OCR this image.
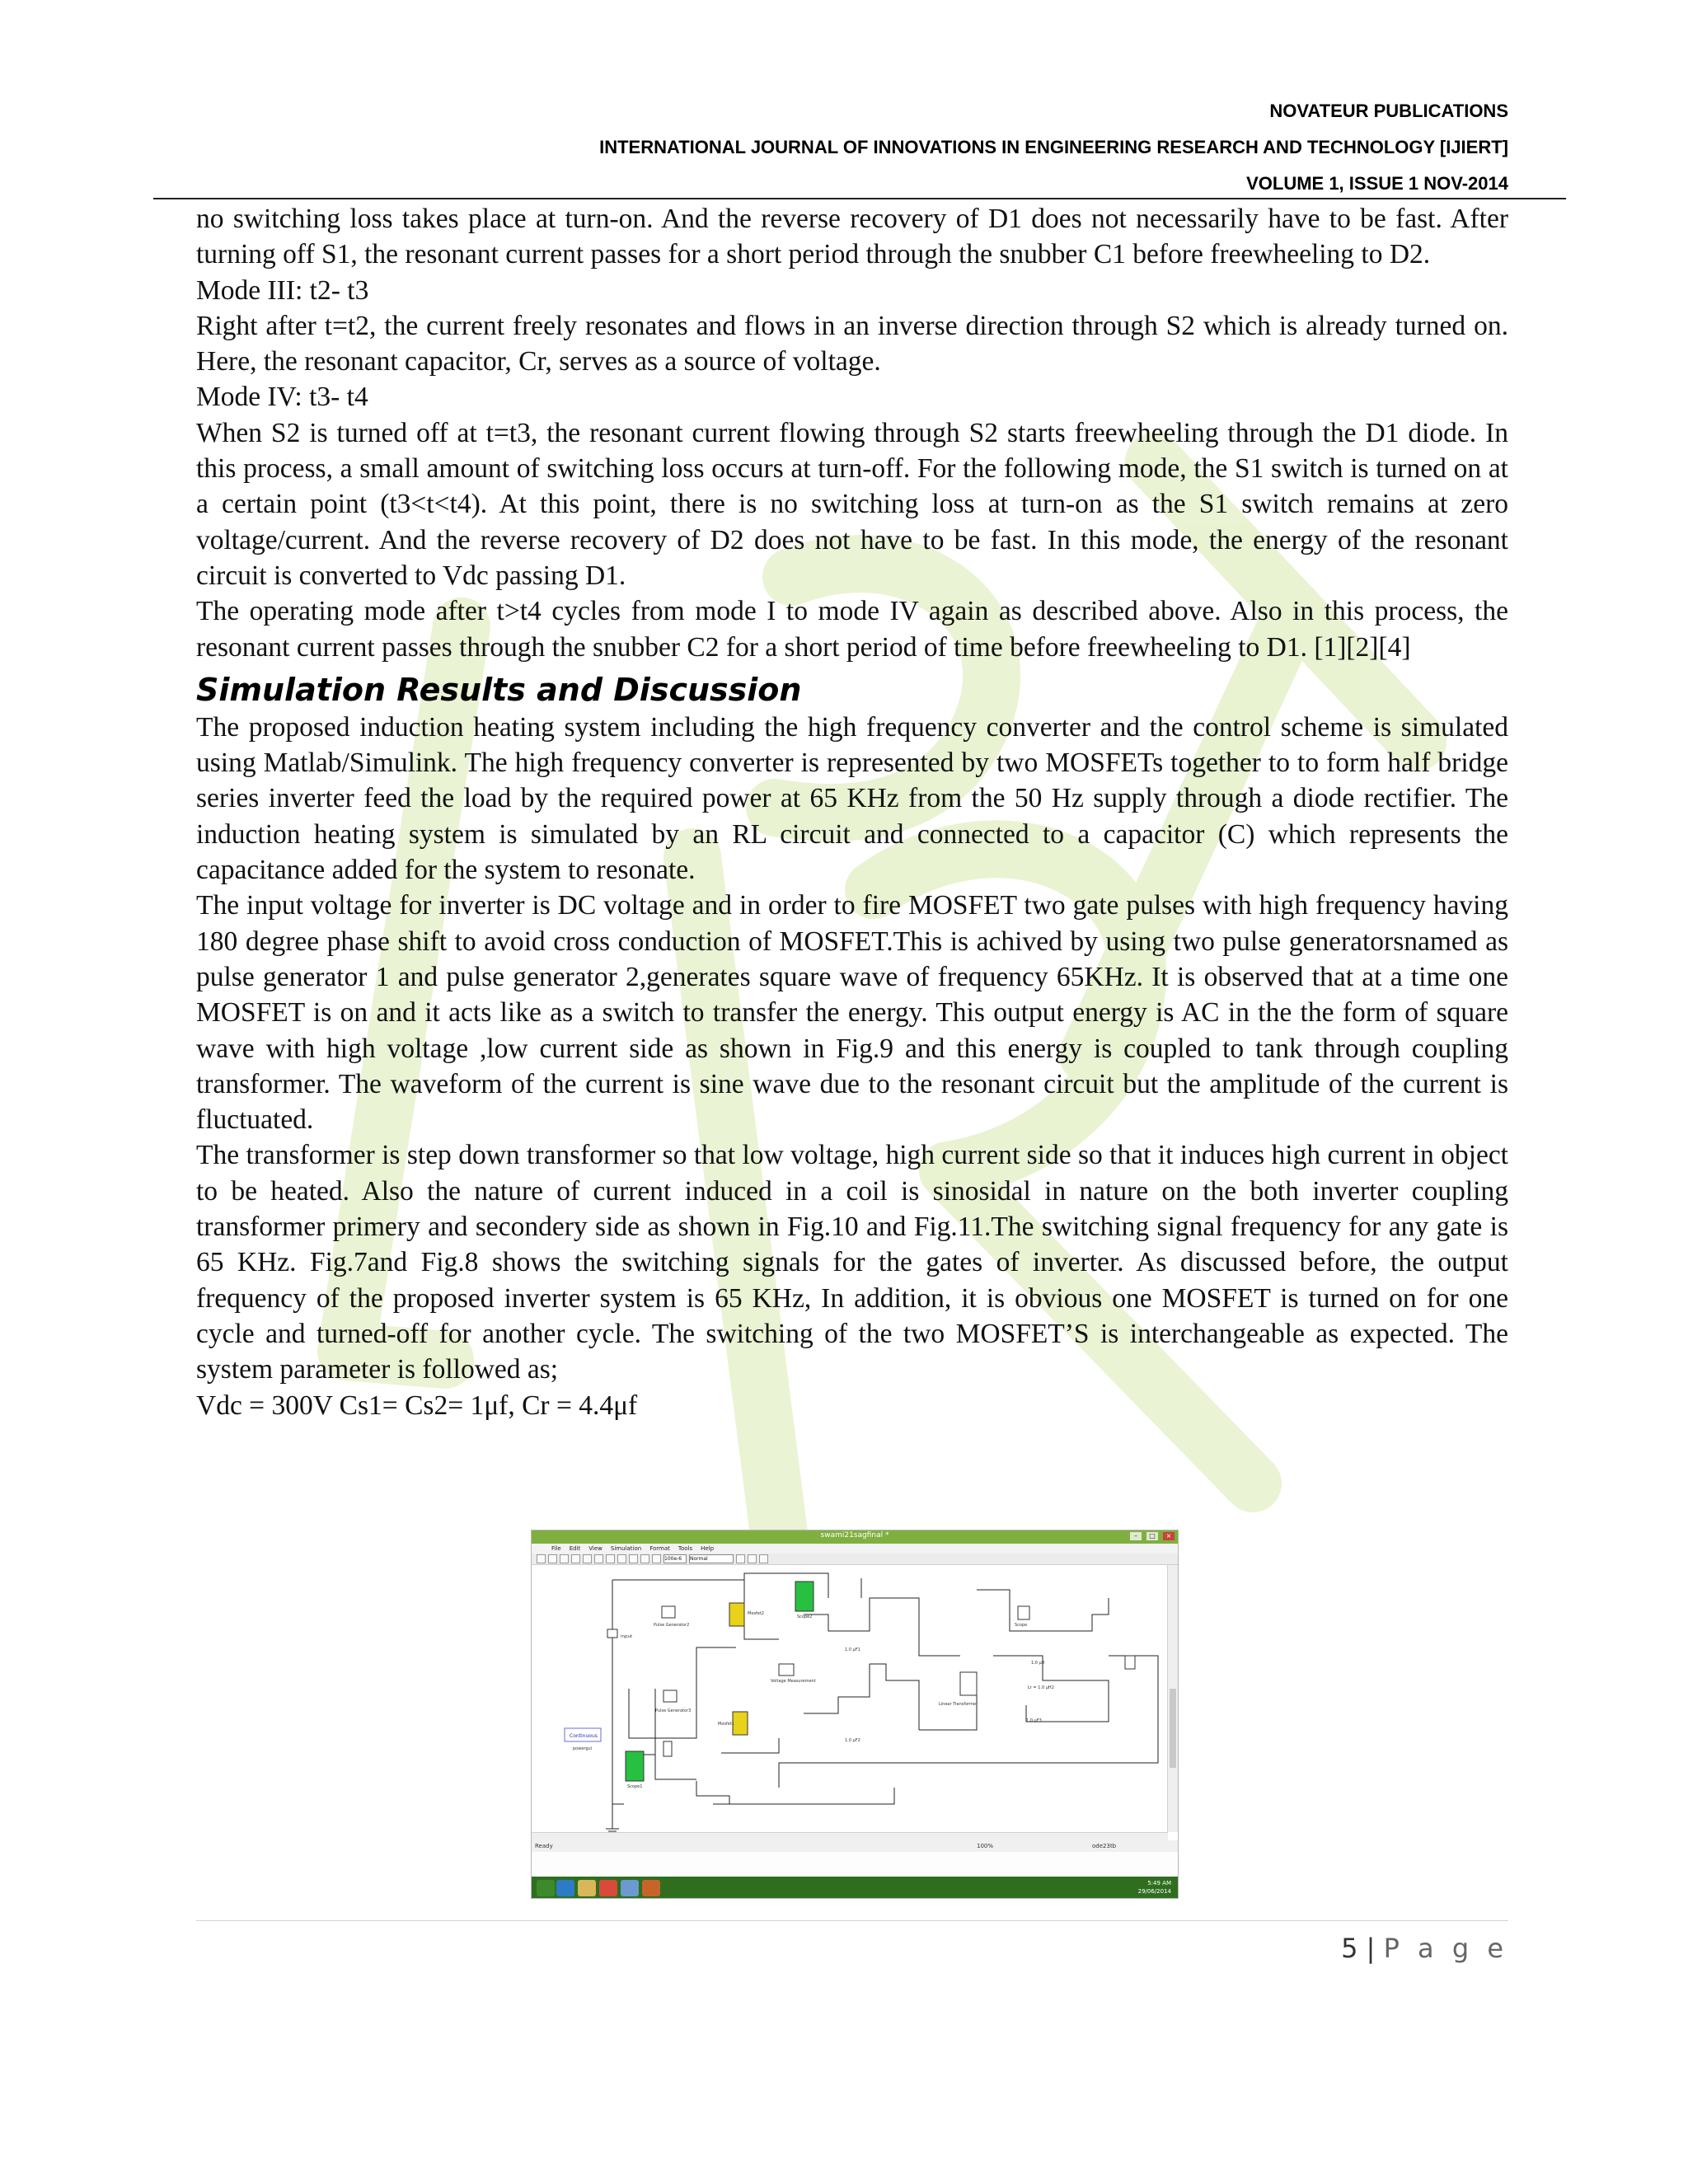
NOVATEUR PUBLICATIONS
INTERNATIONAL JOURNAL OF INNOVATIONS IN ENGINEERING RESEARCH AND TECHNOLOGY [IJIERT]
VOLUME 1, ISSUE 1 NOV-2014

no switching loss takes place at turn-on. And the reverse recovery of D1 does not necessarily have to be fast. After turning off S1, the resonant current passes for a short period through the snubber C1 before freewheeling to D2.

Mode III: t2- t3

Right after t=t2, the current freely resonates and flows in an inverse direction through S2 which is already turned on. Here, the resonant capacitor, Cr, serves as a source of voltage.

Mode IV: t3- t4

When S2 is turned off at t=t3, the resonant current flowing through S2 starts freewheeling through the D1 diode. In this process, a small amount of switching loss occurs at turn-off. For the following mode, the S1 switch is turned on at a certain point (t3<t<t4). At this point, there is no switching loss at turn-on as the S1 switch remains at zero voltage/current. And the reverse recovery of D2 does not have to be fast. In this mode, the energy of the resonant circuit is converted to Vdc passing D1.

The operating mode after t>t4 cycles from mode I to mode IV again as described above. Also in this process, the resonant current passes through the snubber C2 for a short period of time before freewheeling to D1. [1][2][4]

Simulation Results and Discussion

The proposed induction heating system including the high frequency converter and the control scheme is simulated using Matlab/Simulink. The high frequency converter is represented by two MOSFETs together to to form half bridge series inverter feed the load by the required power at 65 KHz from the 50 Hz supply through a diode rectifier. The induction heating system is simulated by an RL circuit and connected to a capacitor (C) which represents the capacitance added for the system to resonate.

The input voltage for inverter is DC voltage and in order to fire MOSFET two gate pulses with high frequency having 180 degree phase shift to avoid cross conduction of MOSFET.This is achived by using two pulse generatorsnamed as pulse generator 1 and pulse generator 2,generates square wave of frequency 65KHz. It is observed that at a time one MOSFET is on and it acts like as a switch to transfer the energy. This output energy is AC in the the form of square wave with high voltage ,low current side as shown in Fig.9 and this energy is coupled to tank through coupling transformer. The waveform of the current is sine wave due to the resonant circuit but the amplitude of the current is fluctuated.

The transformer is step down transformer so that low voltage, high current side so that it induces high current in object to be heated. Also the nature of current induced in a coil is sinosidal in nature on the both inverter coupling transformer primery and secondery side as shown in Fig.10 and Fig.11.The switching signal frequency for any gate is 65 KHz. Fig.7and Fig.8 shows the switching signals for the gates of inverter. As discussed before, the output frequency of the proposed inverter system is 65 KHz, In addition, it is obvious one MOSFET is turned on for one cycle and turned-off for another cycle. The switching of the two MOSFET’S is interchangeable as expected. The system parameter is followed as;

Vdc = 300V Cs1= Cs2= 1μf, Cr = 4.4μf

swami21sagfinal *	–	□	×
File Edit View Simulation Format Tools Help
100e-6	Normal
input
Pulse Generator2
Pulse Generator3
Mosfet2
Mosfet1
Scope2
Scope1
Scope
Voltage Measurement
Linear Transformer
1.0 μF1
1.0 μF2
1.0 μH
Lr = 1.0 μH2
1.0 μF3
Continuous
powergui
Ready	100%	ode23tb
5:49 AM
29/06/2014
5 | P a g e
